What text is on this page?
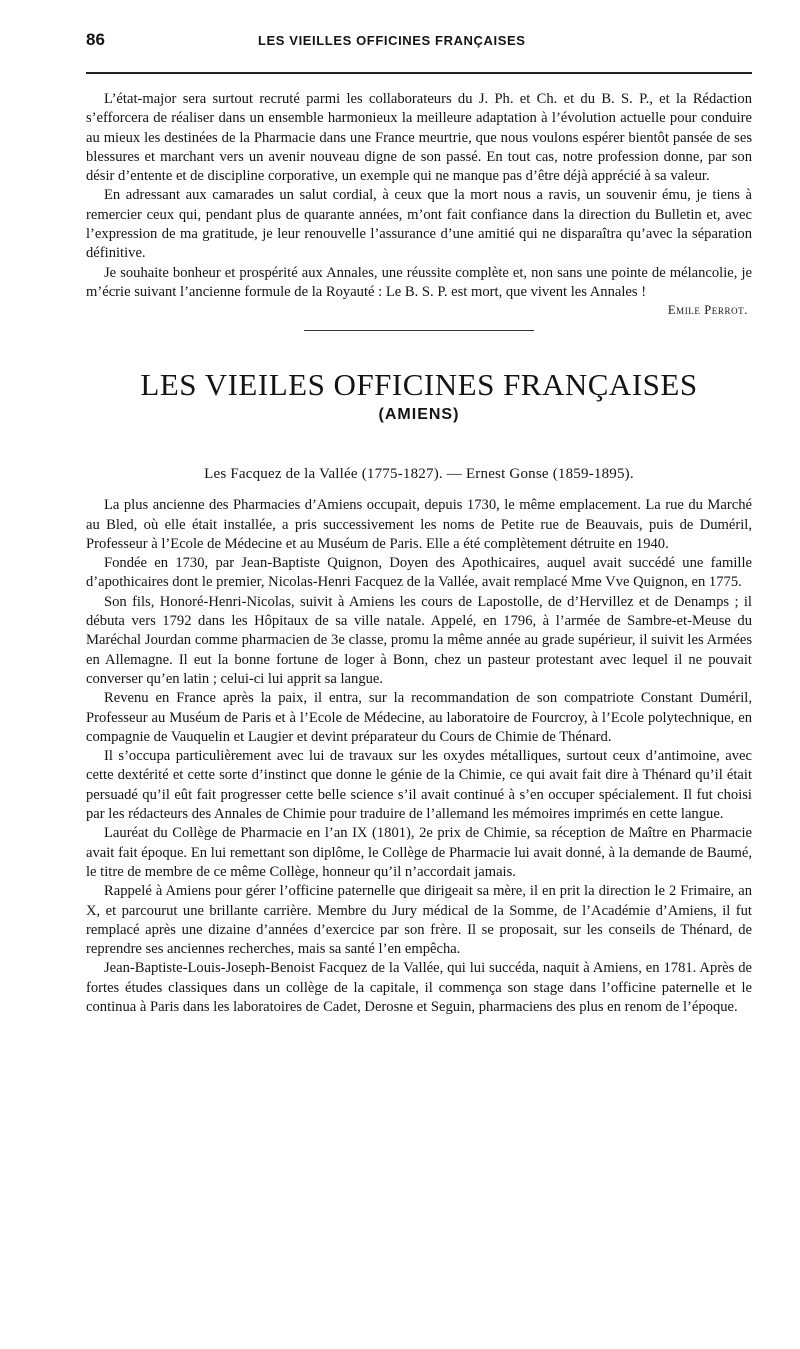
86	LES VIEILLES OFFICINES FRANÇAISES

L’état-major sera surtout recruté parmi les collaborateurs du J. Ph. et Ch. et du B. S. P., et la Rédaction s’efforcera de réaliser dans un ensemble harmonieux la meilleure adaptation à l’évolution actuelle pour conduire au mieux les destinées de la Pharmacie dans une France meurtrie, que nous voulons espérer bientôt pansée de ses blessures et marchant vers un avenir nouveau digne de son passé. En tout cas, notre profession donne, par son désir d’entente et de discipline corporative, un exemple qui ne manque pas d’être déjà apprécié à sa valeur.

En adressant aux camarades un salut cordial, à ceux que la mort nous a ravis, un souvenir ému, je tiens à remercier ceux qui, pendant plus de quarante années, m’ont fait confiance dans la direction du Bulletin et, avec l’expression de ma gratitude, je leur renouvelle l’assurance d’une amitié qui ne disparaîtra qu’avec la séparation définitive.

Je souhaite bonheur et prospérité aux Annales, une réussite complète et, non sans une pointe de mélancolie, je m’écrie suivant l’ancienne formule de la Royauté : Le B. S. P. est mort, que vivent les Annales !

Emile Perrot.
LES VIEILES OFFICINES FRANÇAISES
(AMIENS)
Les Facquez de la Vallée (1775-1827). — Ernest Gonse (1859-1895).

La plus ancienne des Pharmacies d’Amiens occupait, depuis 1730, le même emplacement. La rue du Marché au Bled, où elle était installée, a pris successivement les noms de Petite rue de Beauvais, puis de Duméril, Professeur à l’Ecole de Médecine et au Muséum de Paris. Elle a été complètement détruite en 1940.

Fondée en 1730, par Jean-Baptiste Quignon, Doyen des Apothicaires, auquel avait succédé une famille d’apothicaires dont le premier, Nicolas-Henri Facquez de la Vallée, avait remplacé Mme Vve Quignon, en 1775.

Son fils, Honoré-Henri-Nicolas, suivit à Amiens les cours de Lapostolle, de d’Hervillez et de Denamps ; il débuta vers 1792 dans les Hôpitaux de sa ville natale. Appelé, en 1796, à l’armée de Sambre-et-Meuse du Maréchal Jourdan comme pharmacien de 3e classe, promu la même année au grade supérieur, il suivit les Armées en Allemagne. Il eut la bonne fortune de loger à Bonn, chez un pasteur protestant avec lequel il ne pouvait converser qu’en latin ; celui-ci lui apprit sa langue.

Revenu en France après la paix, il entra, sur la recommandation de son compatriote Constant Duméril, Professeur au Muséum de Paris et à l’Ecole de Médecine, au laboratoire de Fourcroy, à l’Ecole polytechnique, en compagnie de Vauquelin et Laugier et devint préparateur du Cours de Chimie de Thénard.

Il s’occupa particulièrement avec lui de travaux sur les oxydes métalliques, surtout ceux d’antimoine, avec cette dextérité et cette sorte d’instinct que donne le génie de la Chimie, ce qui avait fait dire à Thénard qu’il était persuadé qu’il eût fait progresser cette belle science s’il avait continué à s’en occuper spécialement. Il fut choisi par les rédacteurs des Annales de Chimie pour traduire de l’allemand les mémoires imprimés en cette langue.

Lauréat du Collège de Pharmacie en l’an IX (1801), 2e prix de Chimie, sa réception de Maître en Pharmacie avait fait époque. En lui remettant son diplôme, le Collège de Pharmacie lui avait donné, à la demande de Baumé, le titre de membre de ce même Collège, honneur qu’il n’accordait jamais.

Rappelé à Amiens pour gérer l’officine paternelle que dirigeait sa mère, il en prit la direction le 2 Frimaire, an X, et parcourut une brillante carrière. Membre du Jury médical de la Somme, de l’Académie d’Amiens, il fut remplacé après une dizaine d’années d’exercice par son frère. Il se proposait, sur les conseils de Thénard, de reprendre ses anciennes recherches, mais sa santé l’en empêcha.

Jean-Baptiste-Louis-Joseph-Benoist Facquez de la Vallée, qui lui succéda, naquit à Amiens, en 1781. Après de fortes études classiques dans un collège de la capitale, il commença son stage dans l’officine paternelle et le continua à Paris dans les laboratoires de Cadet, Derosne et Seguin, pharmaciens des plus en renom de l’époque.
